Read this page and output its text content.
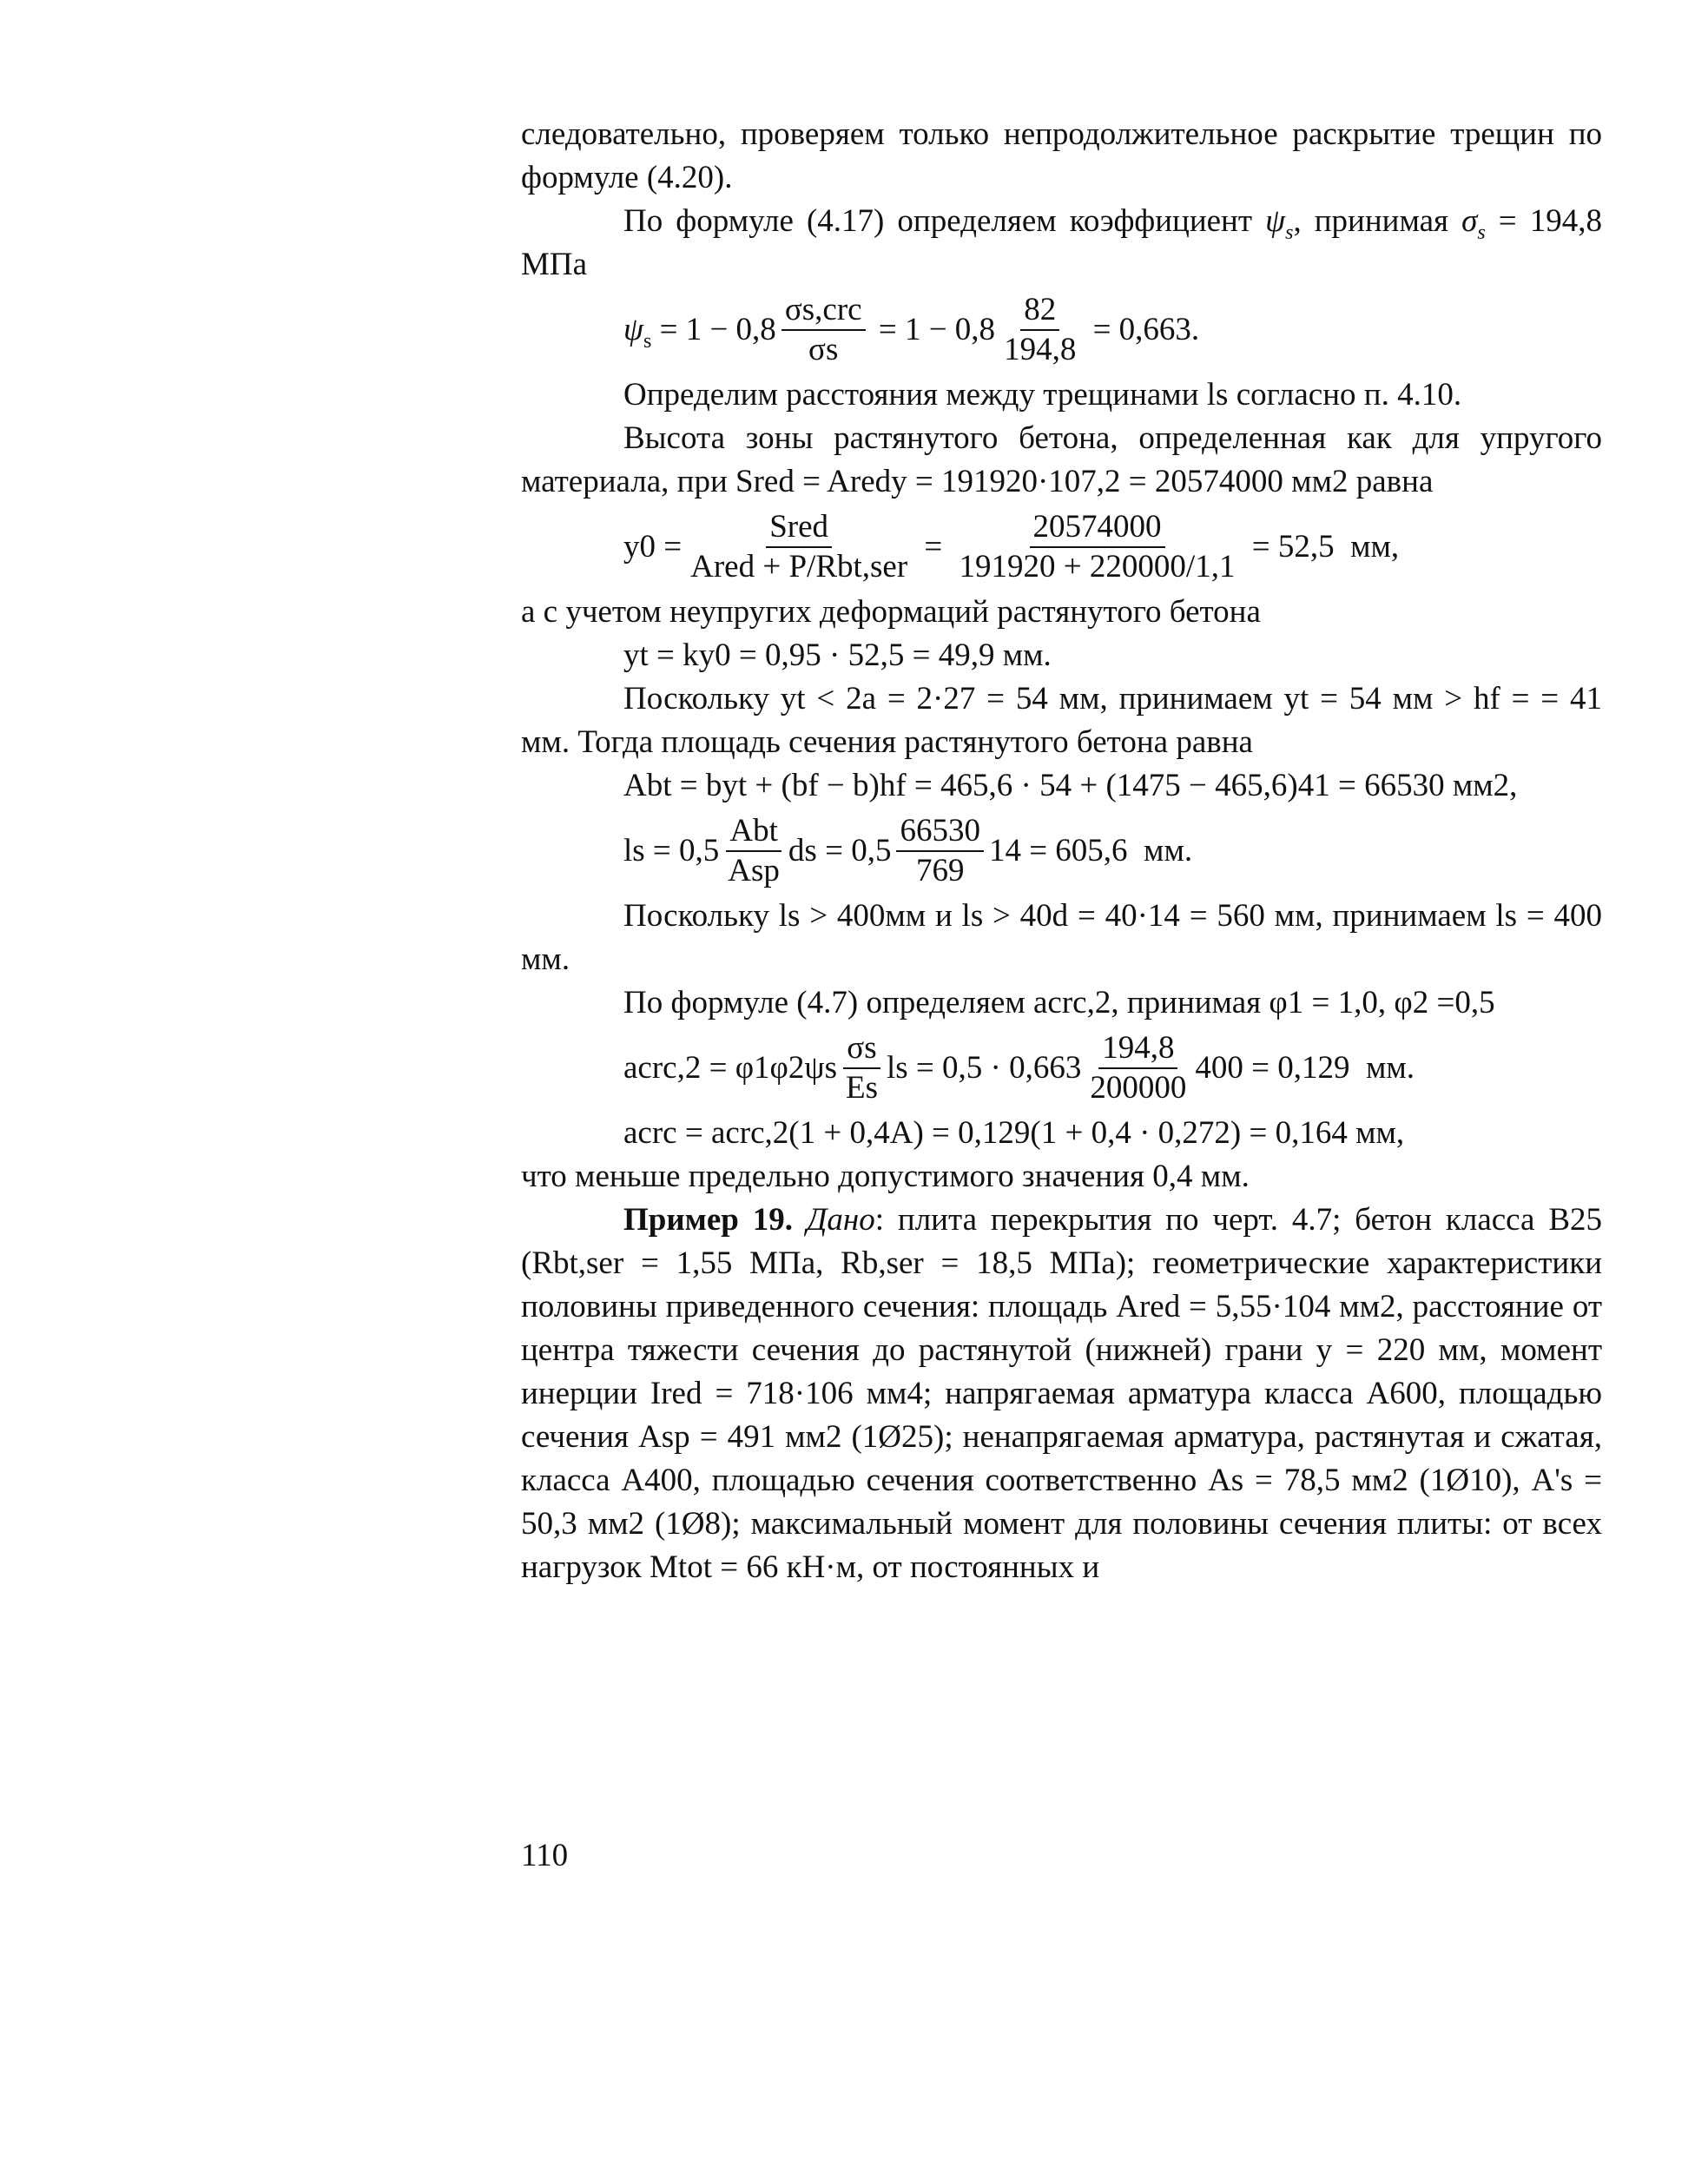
следовательно, проверяем только непродолжительное раскрытие трещин по формуле (4.20).

По формуле (4.17) определяем коэффициент $\psi_s$, принимая $\sigma_s = 194,8$ МПа

$\psi_s = 1 - 0,8$
σs,crc
σs
= $1 - 0,8 \frac{82}{194,8} = 0,663$.

Определим расстояния между трещинами ls согласно п. 4.10.

Высота зоны растянутого бетона, определенная как для упругого материала, при Sred = Aredy = 191920·107,2 = 20574000 мм2 равна

y0 =
Sred
Ared + P/Rbt,ser
= $\frac{20574000}{191920 + 220000/1,1} = 52,5$  мм,

а с учетом неупругих деформаций растянутого бетона

yt = ky0 = 0,95 · 52,5 = 49,9 мм.

Поскольку yt < 2a = 2·27 = 54 мм, принимаем yt = 54 мм > hf = = 41 мм. Тогда площадь сечения растянутого бетона равна

Abt = byt + (bf − b)hf = 465,6 · 54 + (1475 − 465,6)41 = 66530 мм2,

ls = 0,5
Abt
Asp
ds = 0,5
66530
769
14 = 605,6  мм.

Поскольку ls > 400мм и ls > 40d = 40·14 = 560 мм, принимаем ls = 400 мм.

По формуле (4.7) определяем acrc,2, принимая φ1 = 1,0, φ2 =0,5

acrc,2 = φ1φ2ψs
σs
Es
ls = 0,5 · 0,663
194,8
200000
400 = 0,129  мм.

acrc = acrc,2(1 + 0,4A) = 0,129(1 + 0,4 · 0,272) = 0,164 мм,

что меньше предельно допустимого значения 0,4 мм.

Пример 19. Дано: плита перекрытия по черт. 4.7; бетон класса В25 (Rbt,ser = 1,55 МПа, Rb,ser = 18,5 МПа); геометрические характеристики половины приведенного сечения: площадь Ared = 5,55·104 мм2, расстояние от центра тяжести сечения до растянутой (нижней) грани y = 220 мм, момент инерции Ired = 718·106 мм4; напрягаемая арматура класса А600, площадью сечения Asp = 491 мм2 (1Ø25); ненапрягаемая арматура, растянутая и сжатая, класса А400, площадью сечения соответственно As = 78,5 мм2 (1Ø10), A's = 50,3 мм2 (1Ø8); максимальный момент для половины сечения плиты: от всех нагрузок Mtot = 66 кН·м, от постоянных и

110
